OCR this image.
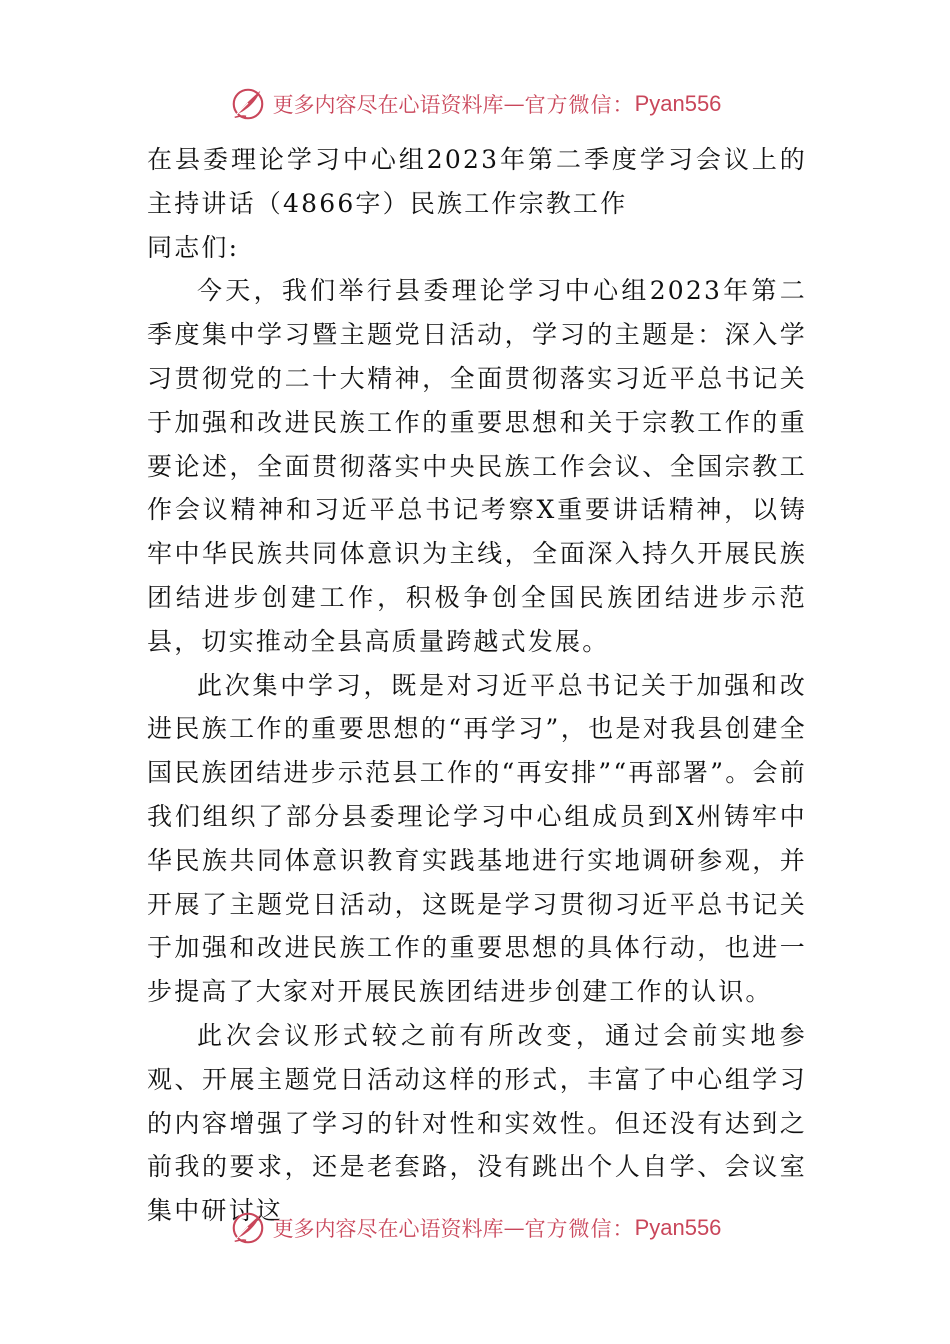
更多内容尽在心语资料库 — 官方微信： Pyan556

在县委理论学习中心组2023年第二季度学习会议上的主持讲话（4866字）民族工作宗教工作

同志们:

今天，我们举行县委理论学习中心组2023年第二季度集中学习暨主题党日活动，学习的主题是：深入学习贯彻党的二十大精神，全面贯彻落实习近平总书记关于加强和改进民族工作的重要思想和关于宗教工作的重要论述，全面贯彻落实中央民族工作会议、全国宗教工作会议精神和习近平总书记考察X重要讲话精神，以铸牢中华民族共同体意识为主线，全面深入持久开展民族团结进步创建工作，积极争创全国民族团结进步示范县，切实推动全县高质量跨越式发展。

此次集中学习，既是对习近平总书记关于加强和改进民族工作的重要思想的“再学习”，也是对我县创建全国民族团结进步示范县工作的“再安排”“再部署”。会前我们组织了部分县委理论学习中心组成员到X州铸牢中华民族共同体意识教育实践基地进行实地调研参观，并开展了主题党日活动，这既是学习贯彻习近平总书记关于加强和改进民族工作的重要思想的具体行动，也进一步提高了大家对开展民族团结进步创建工作的认识。

此次会议形式较之前有所改变，通过会前实地参观、开展主题党日活动这样的形式，丰富了中心组学习的内容增强了学习的针对性和实效性。但还没有达到之前我的要求，还是老套路，没有跳出个人自学、会议室集中研讨这

更多内容尽在心语资料库 — 官方微信： Pyan556
